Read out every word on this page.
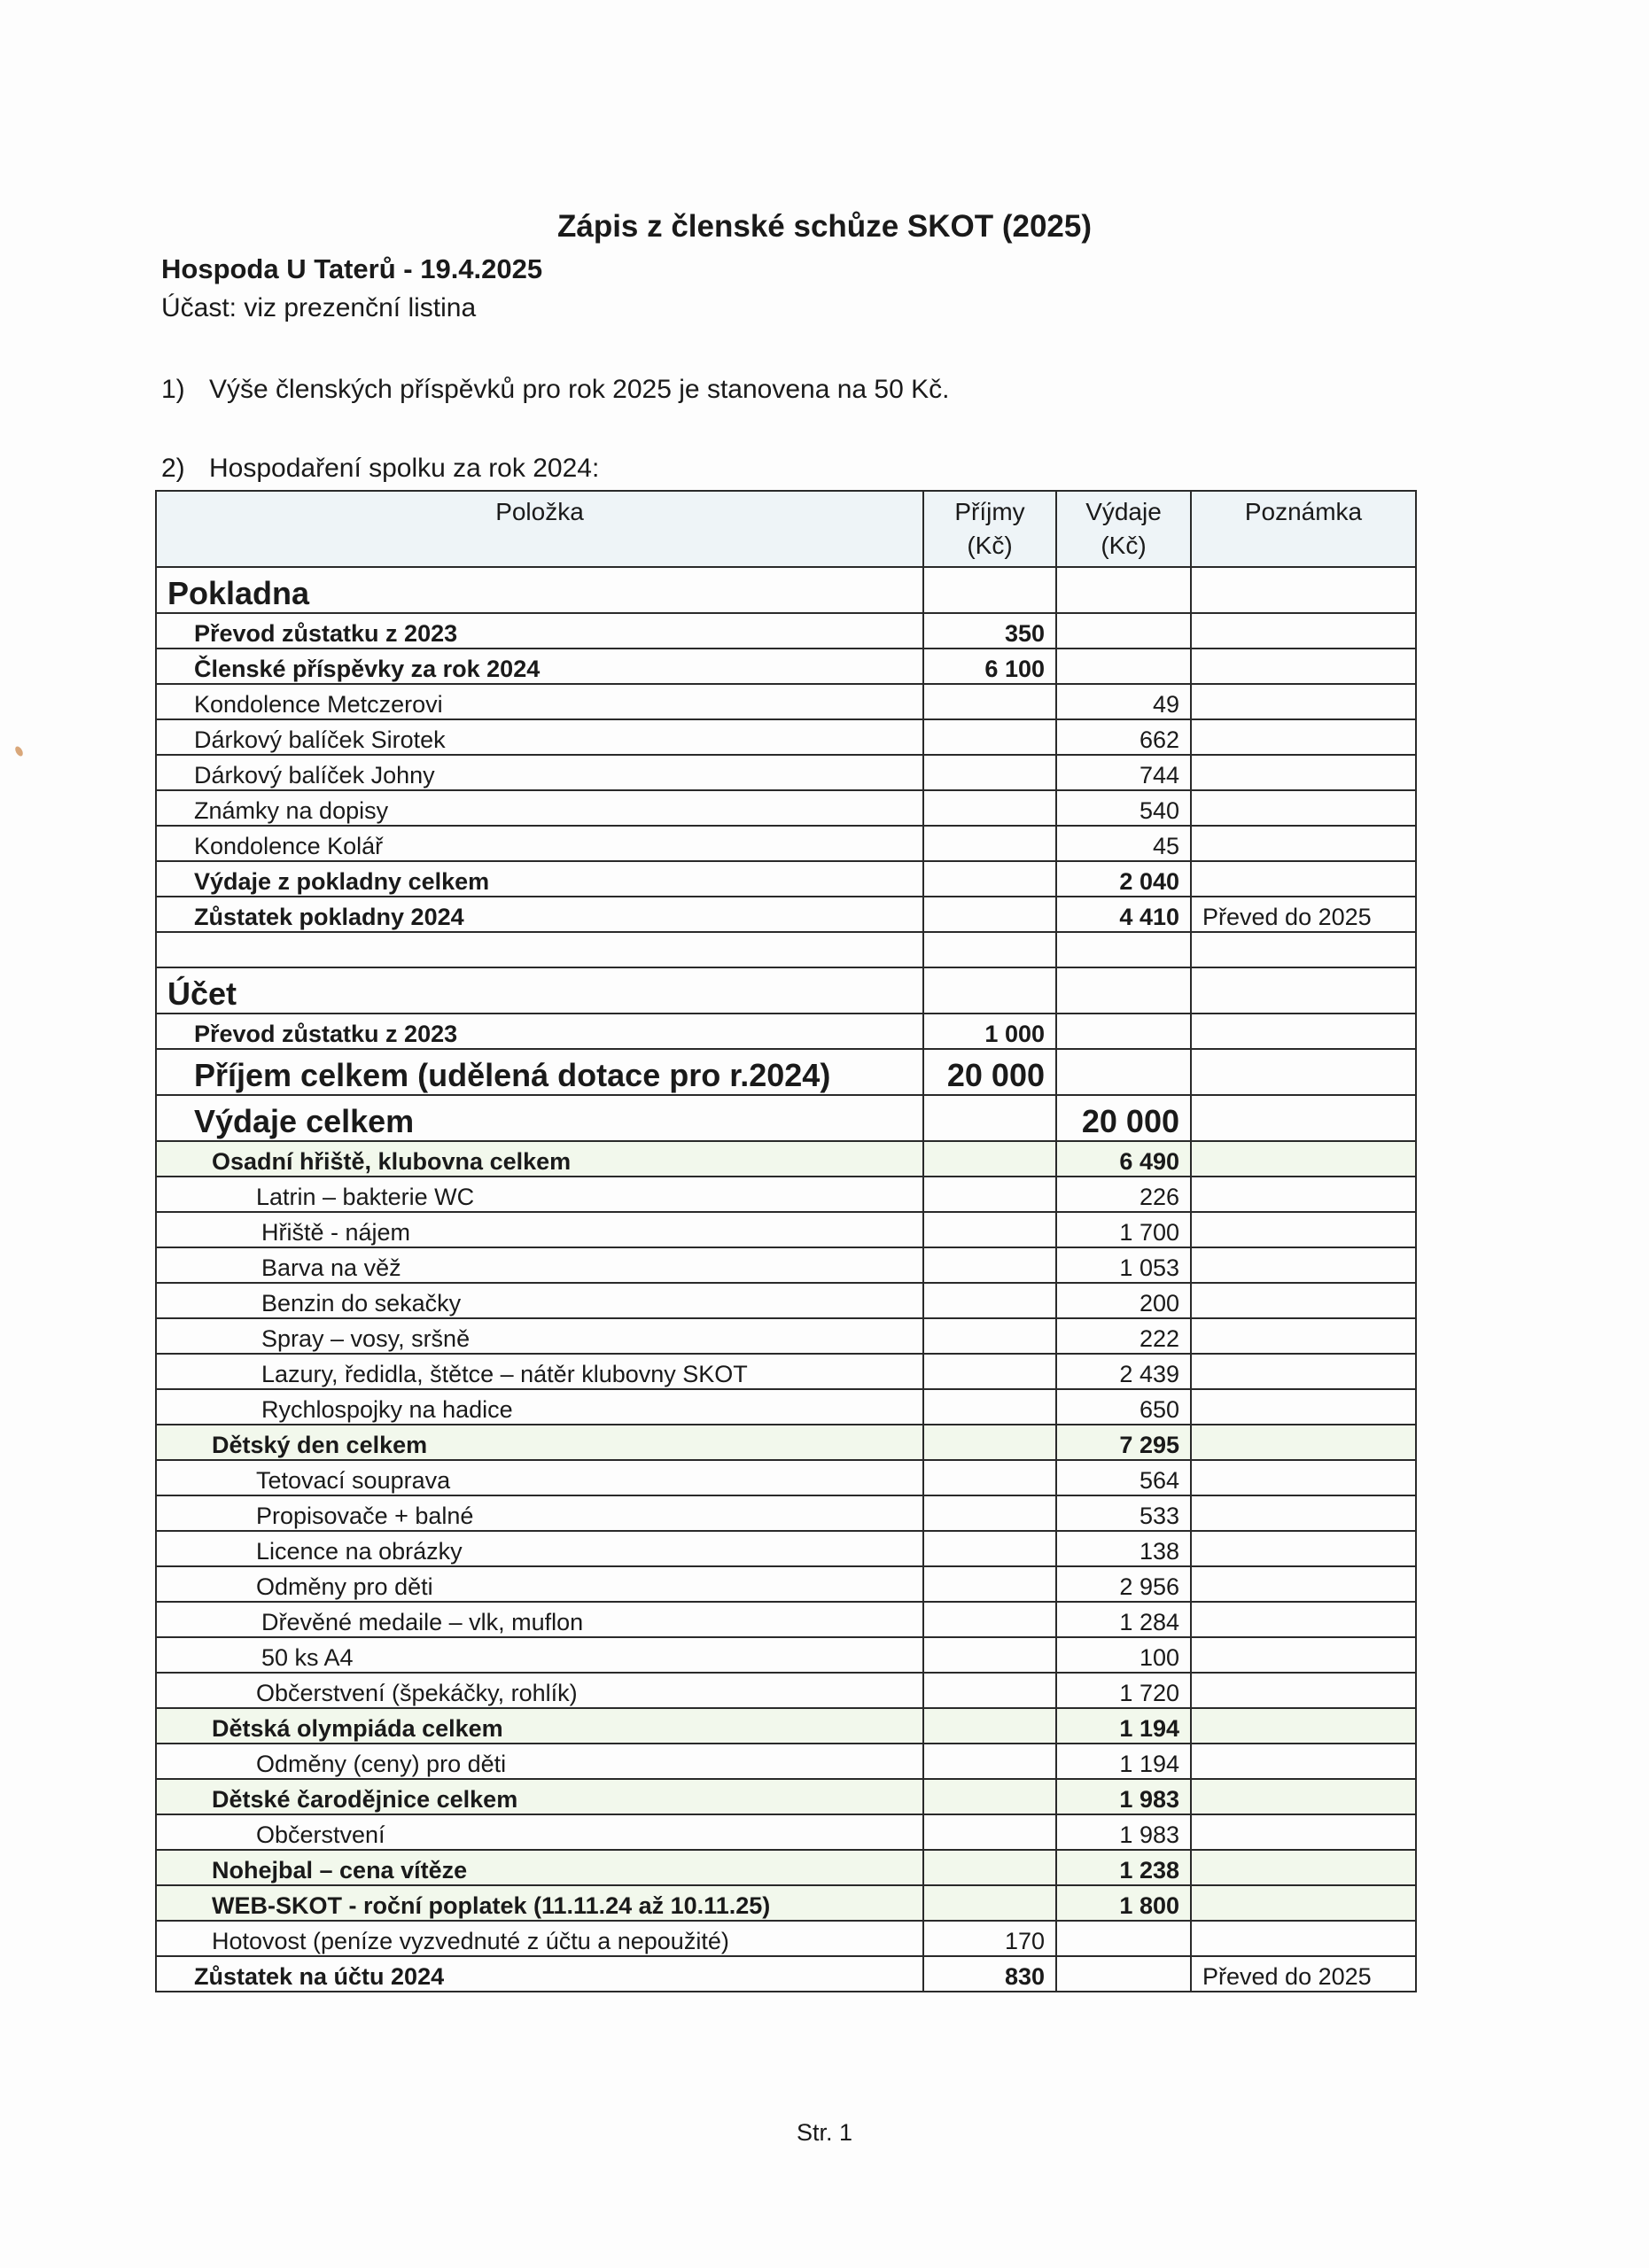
Zápis z členské schůze SKOT (2025)
Hospoda U Taterů - 19.4.2025
Účast: viz prezenční listina
1) Výše členských příspěvků pro rok 2025 je stanovena na 50 Kč.
2) Hospodaření spolku za rok 2024:
Položka	Příjmy (Kč)	Výdaje (Kč)	Poznámka
Pokladna			
Převod zůstatku z 2023	350		
Členské příspěvky za rok 2024	6 100		
Kondolence Metczerovi		49	
Dárkový balíček Sirotek		662	
Dárkový balíček Johny		744	
Známky na dopisy		540	
Kondolence Kolář		45	
Výdaje z pokladny celkem		2 040	
Zůstatek pokladny 2024		4 410	Převed do 2025

Účet			
Převod zůstatku z 2023	1 000		
Příjem celkem (udělená dotace pro r.2024)	20 000		
Výdaje celkem		20 000	
Osadní hřiště, klubovna celkem		6 490	
Latrin – bakterie WC		226	
Hřiště - nájem		1 700	
Barva na věž		1 053	
Benzin do sekačky		200	
Spray – vosy, sršně		222	
Lazury, ředidla, štětce – nátěr klubovny SKOT		2 439	
Rychlospojky na hadice		650	
Dětský den celkem		7 295	
Tetovací souprava		564	
Propisovače + balné		533	
Licence na obrázky		138	
Odměny pro děti		2 956	
Dřevěné medaile – vlk, muflon		1 284	
50 ks A4		100	
Občerstvení (špekáčky, rohlík)		1 720	
Dětská olympiáda celkem		1 194	
Odměny (ceny) pro děti		1 194	
Dětské čarodějnice celkem		1 983	
Občerstvení		1 983	
Nohejbal – cena vítěze		1 238	
WEB-SKOT - roční poplatek (11.11.24 až 10.11.25)		1 800	
Hotovost (peníze vyzvednuté z účtu a nepoužité)	170		
Zůstatek na účtu 2024	830		Převed do 2025
Str. 1
